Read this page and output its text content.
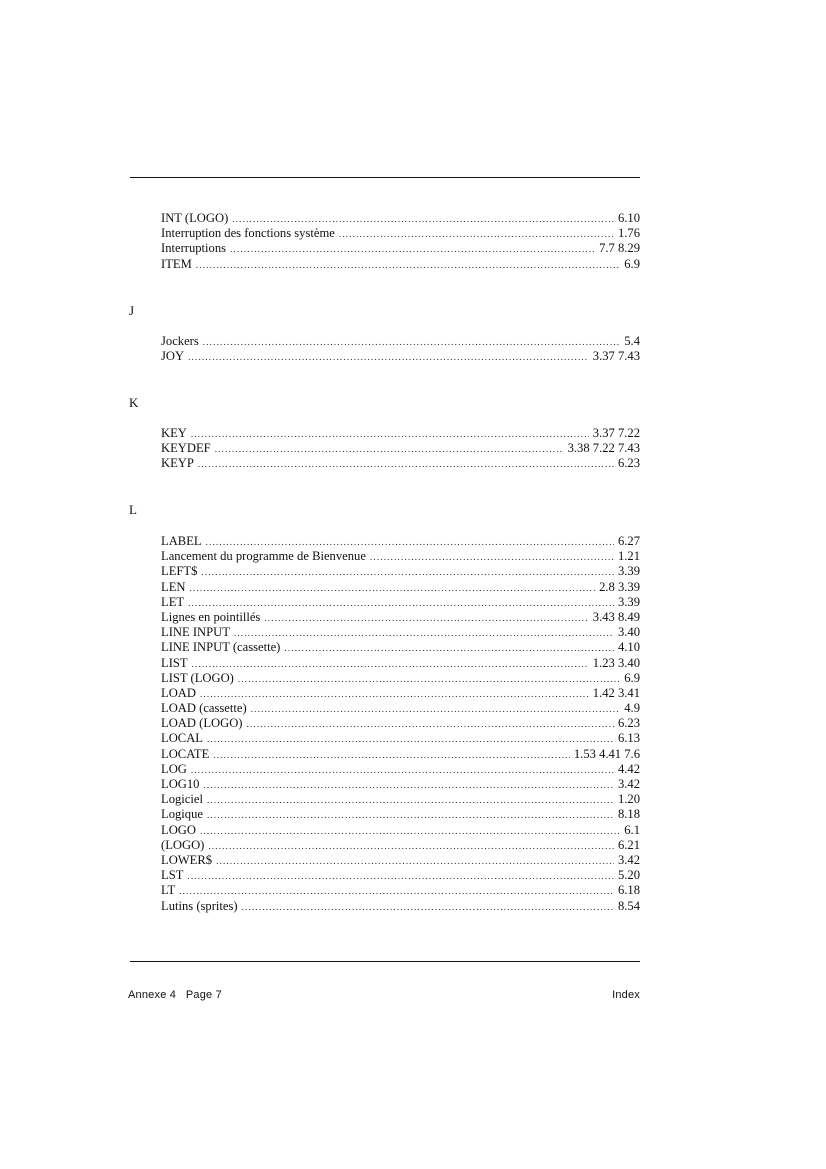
INT (LOGO) .....	6.10
Interruption des fonctions système .....	1.76
Interruptions .....	7.7 8.29
ITEM .....	6.9
J
Jockers .....	5.4
JOY .....	3.37 7.43
K
KEY .....	3.37 7.22
KEYDEF .....	3.38 7.22 7.43
KEYP .....	6.23
L
LABEL .....	6.27
Lancement du programme de Bienvenue .....	1.21
LEFT$ .....	3.39
LEN .....	2.8 3.39
LET .....	3.39
Lignes en pointillés .....	3.43 8.49
LINE INPUT .....	3.40
LINE INPUT (cassette) .....	4.10
LIST .....	1.23 3.40
LIST (LOGO) .....	6.9
LOAD .....	1.42 3.41
LOAD (cassette) .....	4.9
LOAD (LOGO) .....	6.23
LOCAL .....	6.13
LOCATE .....	1.53 4.41 7.6
LOG .....	4.42
LOG10 .....	3.42
Logiciel .....	1.20
Logique .....	8.18
LOGO .....	6.1
(LOGO) .....	6.21
LOWER$ .....	3.42
LST .....	5.20
LT .....	6.18
Lutins (sprites) .....	8.54
Annexe 4   Page 7	Index
